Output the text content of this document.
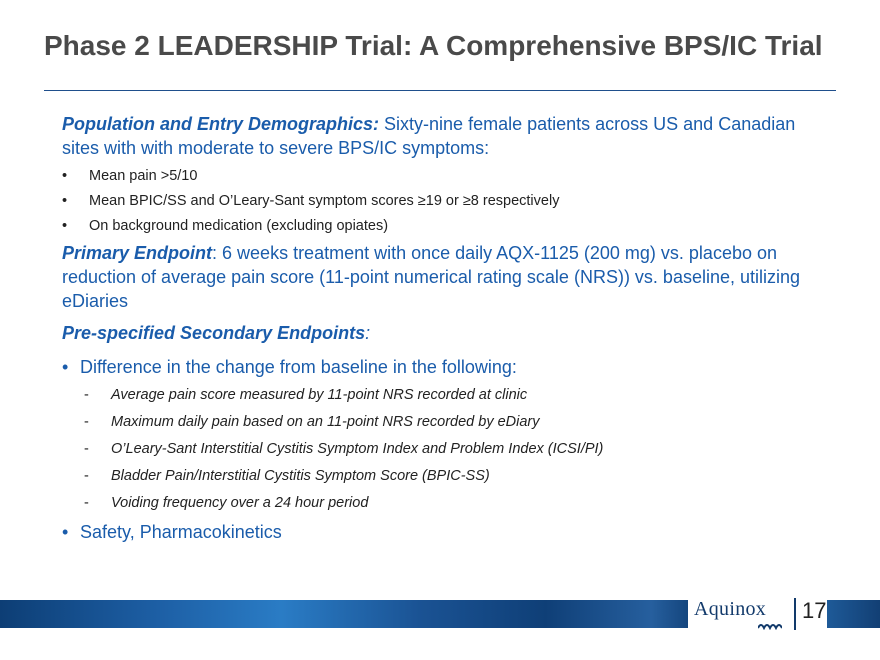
Phase 2 LEADERSHIP Trial: A Comprehensive BPS/IC Trial

Population and Entry Demographics: Sixty-nine female patients across US and Canadian sites with with moderate to severe BPS/IC symptoms:

• Mean pain >5/10
• Mean BPIC/SS and O’Leary-Sant symptom scores ≥19 or ≥8 respectively
• On background medication (excluding opiates)

Primary Endpoint: 6 weeks treatment with once daily AQX-1125 (200 mg) vs. placebo on reduction of average pain score (11-point numerical rating scale (NRS)) vs. baseline, utilizing eDiaries

Pre-specified Secondary Endpoints:

• Difference in the change from baseline in the following:
- Average pain score measured by 11-point NRS recorded at clinic
- Maximum daily pain based on an 11-point NRS recorded by eDiary
- O’Leary-Sant Interstitial Cystitis Symptom Index and Problem Index (ICSI/PI)
- Bladder Pain/Interstitial Cystitis Symptom Score (BPIC-SS)
- Voiding frequency over a 24 hour period
• Safety, Pharmacokinetics
Aquinox 17
